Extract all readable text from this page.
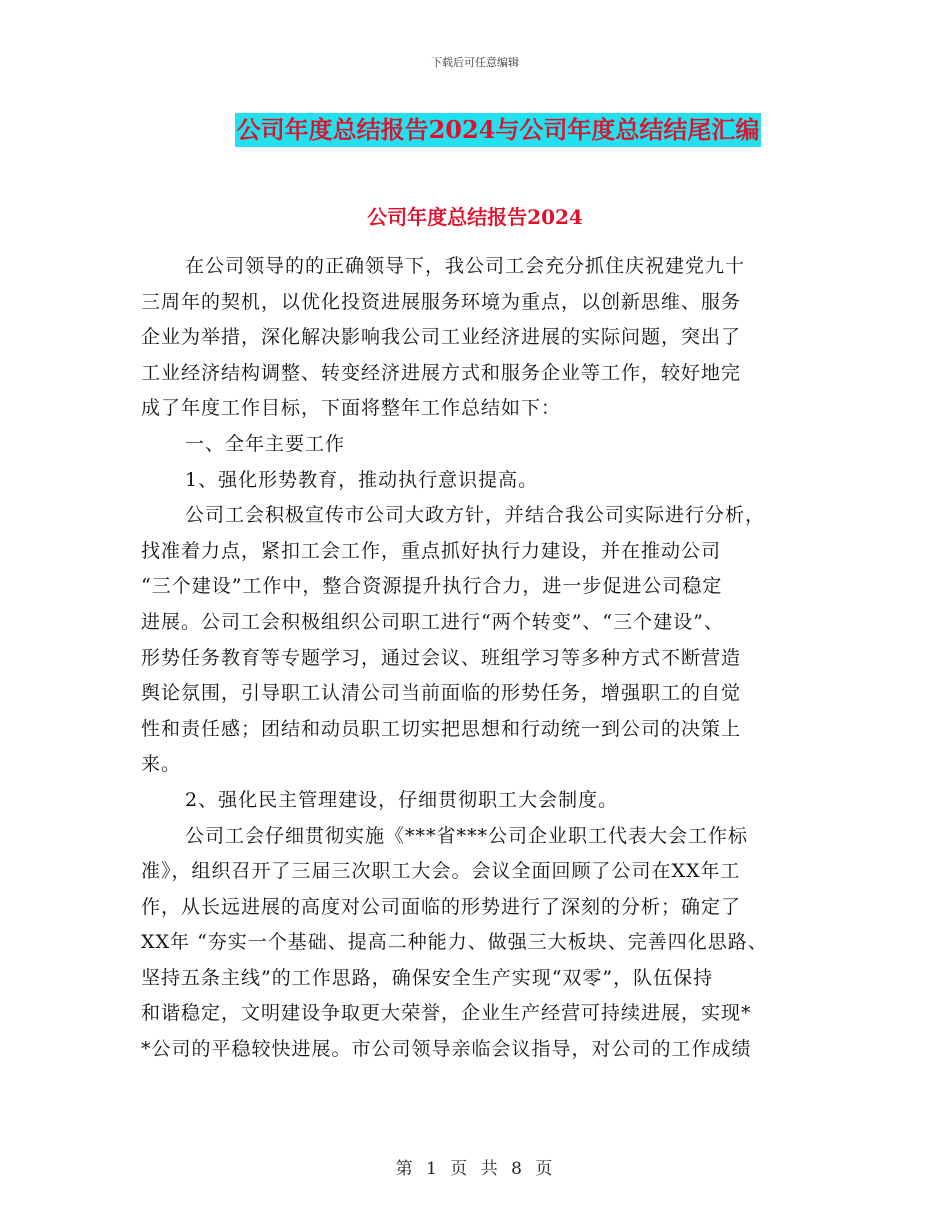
下载后可任意编辑
公司年度总结报告2024与公司年度总结结尾汇编
公司年度总结报告2024
在公司领导的的正确领导下，我公司工会充分抓住庆祝建党九十
三周年的契机，以优化投资进展服务环境为重点，以创新思维、服务
企业为举措，深化解决影响我公司工业经济进展的实际问题，突出了
工业经济结构调整、转变经济进展方式和服务企业等工作，较好地完
成了年度工作目标，下面将整年工作总结如下：
一、全年主要工作
1、强化形势教育，推动执行意识提高。
公司工会积极宣传市公司大政方针，并结合我公司实际进行分析，
找准着力点，紧扣工会工作，重点抓好执行力建设，并在推动公司
“三个建设”工作中，整合资源提升执行合力，进一步促进公司稳定
进展。公司工会积极组织公司职工进行“两个转变”、“三个建设”、
形势任务教育等专题学习，通过会议、班组学习等多种方式不断营造
舆论氛围，引导职工认清公司当前面临的形势任务，增强职工的自觉
性和责任感；团结和动员职工切实把思想和行动统一到公司的决策上
来。
2、强化民主管理建设，仔细贯彻职工大会制度。
公司工会仔细贯彻实施《***省***公司企业职工代表大会工作标
准》，组织召开了三届三次职工大会。会议全面回顾了公司在XX年工
作，从长远进展的高度对公司面临的形势进行了深刻的分析；确定了
XX年 “夯实一个基础、提高二种能力、做强三大板块、完善四化思路、
坚持五条主线”的工作思路，确保安全生产实现“双零”，队伍保持
和谐稳定，文明建设争取更大荣誉，企业生产经营可持续进展，实现*
*公司的平稳较快进展。市公司领导亲临会议指导，对公司的工作成绩
第 1 页 共 8 页
